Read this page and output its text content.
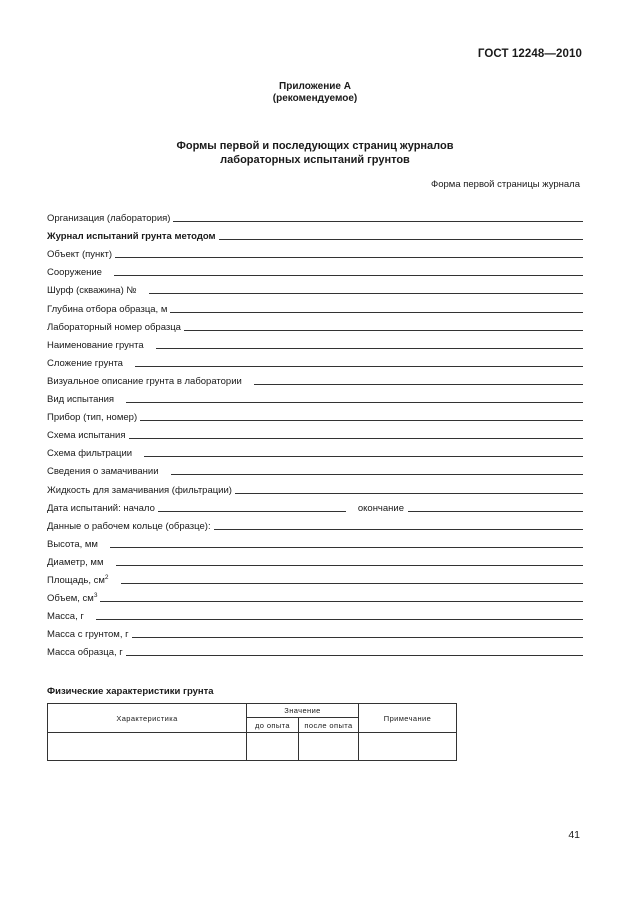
ГОСТ 12248—2010
Приложение А
(рекомендуемое)
Формы первой и последующих страниц журналов
лабораторных испытаний грунтов
Форма первой страницы журнала
Организация (лаборатория)
Журнал испытаний грунта методом
Объект (пункт)
Сооружение
Шурф (скважина) №
Глубина отбора образца, м
Лабораторный номер образца
Наименование грунта
Сложение грунта
Визуальное описание грунта в лаборатории
Вид испытания
Прибор (тип, номер)
Схема испытания
Схема фильтрации
Сведения о замачивании
Жидкость для замачивания (фильтрации)
Дата испытаний: начало	окончание
Данные о рабочем кольце (образце):
Высота, мм
Диаметр, мм
Площадь, $см^2$
Объем, $см^3$
Масса, г
Масса с грунтом, г
Масса образца, г
Физические характеристики грунта
Характеристика	Значение		Примечание
	до опыта	после опыта	

41
